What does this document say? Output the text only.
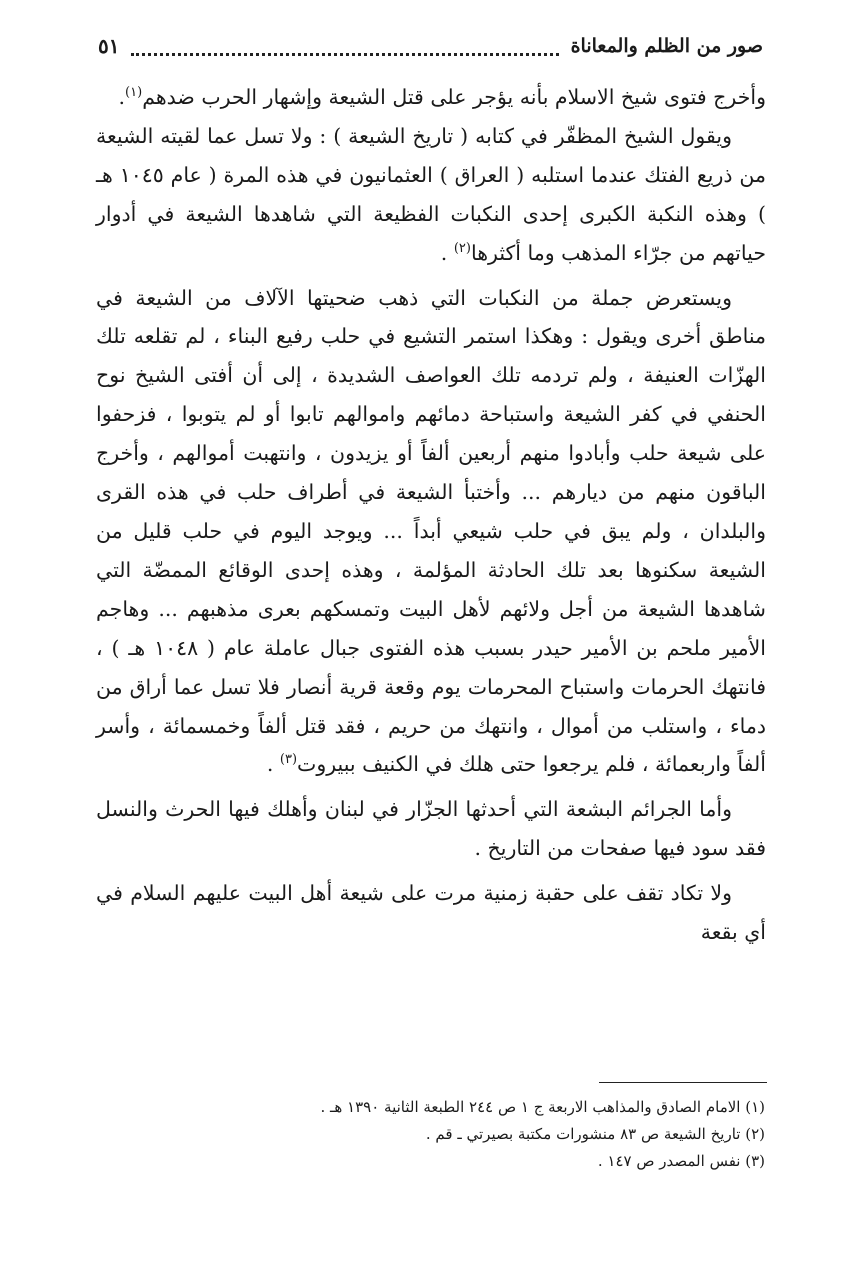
صور من الظلم والمعاناة
٥١

وأخرج فتوى شيخ الاسلام بأنه يؤجر على قتل الشيعة وإشهار الحرب ضدهم$^{(١)}$.

ويقول الشيخ المظفّر في كتابه ( تاريخ الشيعة ) : ولا تسل عما لقيته الشيعة من ذريع الفتك عندما استلبه ( العراق ) العثمانيون في هذه المرة ( عام ١٠٤٥ هـ ) وهذه النكبة الكبرى إحدى النكبات الفظيعة التي شاهدها الشيعة في أدوار حياتهم من جرّاء المذهب وما أكثرها$^{(٢)}$ .

ويستعرض جملة من النكبات التي ذهب ضحيتها الآلاف من الشيعة في مناطق أخرى ويقول : وهكذا استمر التشيع في حلب رفيع البناء ، لم تقلعه تلك الهزّات العنيفة ، ولم تردمه تلك العواصف الشديدة ، إلى أن أفتى الشيخ نوح الحنفي في كفر الشيعة واستباحة دمائهم واموالهم تابوا أو لم يتوبوا ، فزحفوا على شيعة حلب وأبادوا منهم أربعين ألفاً أو يزيدون ، وانتهبت أموالهم ، وأخرج الباقون منهم من ديارهم ... وأختبأ الشيعة في أطراف حلب في هذه القرى والبلدان ، ولم يبق في حلب شيعي أبداً ... ويوجد اليوم في حلب قليل من الشيعة سكنوها بعد تلك الحادثة المؤلمة ، وهذه إحدى الوقائع الممضّة التي شاهدها الشيعة من أجل ولائهم لأهل البيت وتمسكهم بعرى مذهبهم ... وهاجم الأمير ملحم بن الأمير حيدر بسبب هذه الفتوى جبال عاملة عام ( ١٠٤٨ هـ ) ، فانتهك الحرمات واستباح المحرمات يوم وقعة قرية أنصار فلا تسل عما أراق من دماء ، واستلب من أموال ، وانتهك من حريم ، فقد قتل ألفاً وخمسمائة ، وأسر ألفاً واربعمائة ، فلم يرجعوا حتى هلك في الكنيف ببيروت$^{(٣)}$ .

وأما الجرائم البشعة التي أحدثها الجزّار في لبنان وأهلك فيها الحرث والنسل فقد سود فيها صفحات من التاريخ .

ولا تكاد تقف على حقبة زمنية مرت على شيعة أهل البيت عليهم السلام في أي بقعة

(١) الامام الصادق والمذاهب الاربعة ج ١ ص ٢٤٤ الطبعة الثانية ١٣٩٠ هـ .

(٢) تاريخ الشيعة ص ٨٣ منشورات مكتبة بصيرتي ـ قم .

(٣) نفس المصدر ص ١٤٧ .
